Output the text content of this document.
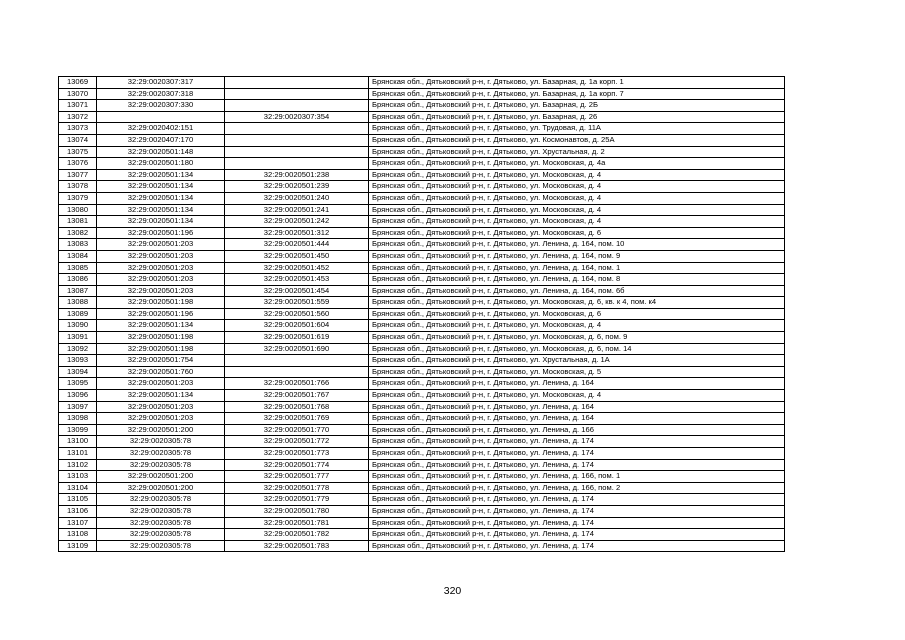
13069	32:29:0020307:317		Брянская обл., Дятьковский р-н, г. Дятьково, ул. Базарная, д. 1а корп. 1
13070	32:29:0020307:318		Брянская обл., Дятьковский р-н, г. Дятьково, ул. Базарная, д. 1а корп. 7
13071	32:29:0020307:330		Брянская обл., Дятьковский р-н, г. Дятьково, ул. Базарная, д. 2Б
13072		32:29:0020307:354	Брянская обл., Дятьковский р-н, г. Дятьково, ул. Базарная, д. 26
13073	32:29:0020402:151		Брянская обл., Дятьковский р-н, г. Дятьково, ул. Трудовая, д. 11А
13074	32:29:0020407:170		Брянская обл., Дятьковский р-н, г. Дятьково, ул. Космонавтов, д. 25А
13075	32:29:0020501:148		Брянская обл., Дятьковский р-н, г. Дятьково, ул. Хрустальная, д. 2
13076	32:29:0020501:180		Брянская обл., Дятьковский р-н, г. Дятьково, ул. Московская, д. 4а
13077	32:29:0020501:134	32:29:0020501:238	Брянская обл., Дятьковский р-н, г. Дятьково, ул. Московская, д. 4
13078	32:29:0020501:134	32:29:0020501:239	Брянская обл., Дятьковский р-н, г. Дятьково, ул. Московская, д. 4
13079	32:29:0020501:134	32:29:0020501:240	Брянская обл., Дятьковский р-н, г. Дятьково, ул. Московская, д. 4
13080	32:29:0020501:134	32:29:0020501:241	Брянская обл., Дятьковский р-н, г. Дятьково, ул. Московская, д. 4
13081	32:29:0020501:134	32:29:0020501:242	Брянская обл., Дятьковский р-н, г. Дятьково, ул. Московская, д. 4
13082	32:29:0020501:196	32:29:0020501:312	Брянская обл., Дятьковский р-н, г. Дятьково, ул. Московская, д. 6
13083	32:29:0020501:203	32:29:0020501:444	Брянская обл., Дятьковский р-н, г. Дятьково, ул. Ленина, д. 164, пом. 10
13084	32:29:0020501:203	32:29:0020501:450	Брянская обл., Дятьковский р-н, г. Дятьково, ул. Ленина, д. 164, пом. 9
13085	32:29:0020501:203	32:29:0020501:452	Брянская обл., Дятьковский р-н, г. Дятьково, ул. Ленина, д. 164, пом. 1
13086	32:29:0020501:203	32:29:0020501:453	Брянская обл., Дятьковский р-н, г. Дятьково, ул. Ленина, д. 164, пом. 8
13087	32:29:0020501:203	32:29:0020501:454	Брянская обл., Дятьковский р-н, г. Дятьково, ул. Ленина, д. 164, пом. 6б
13088	32:29:0020501:198	32:29:0020501:559	Брянская обл., Дятьковский р-н, г. Дятьково, ул. Московская, д. 6, кв. к 4, пом. к4
13089	32:29:0020501:196	32:29:0020501:560	Брянская обл., Дятьковский р-н, г. Дятьково, ул. Московская, д. 6
13090	32:29:0020501:134	32:29:0020501:604	Брянская обл., Дятьковский р-н, г. Дятьково, ул. Московская, д. 4
13091	32:29:0020501:198	32:29:0020501:619	Брянская обл., Дятьковский р-н, г. Дятьково, ул. Московская, д. 6, пом. 9
13092	32:29:0020501:198	32:29:0020501:690	Брянская обл., Дятьковский р-н, г. Дятьково, ул. Московская, д. 6, пом. 14
13093	32:29:0020501:754		Брянская обл., Дятьковский р-н, г. Дятьково, ул. Хрустальная, д. 1А
13094	32:29:0020501:760		Брянская обл., Дятьковский р-н, г. Дятьково, ул. Московская, д. 5
13095	32:29:0020501:203	32:29:0020501:766	Брянская обл., Дятьковский р-н, г. Дятьково, ул. Ленина, д. 164
13096	32:29:0020501:134	32:29:0020501:767	Брянская обл., Дятьковский р-н, г. Дятьково, ул. Московская, д. 4
13097	32:29:0020501:203	32:29:0020501:768	Брянская обл., Дятьковский р-н, г. Дятьково, ул. Ленина, д. 164
13098	32:29:0020501:203	32:29:0020501:769	Брянская обл., Дятьковский р-н, г. Дятьково, ул. Ленина, д. 164
13099	32:29:0020501:200	32:29:0020501:770	Брянская обл., Дятьковский р-н, г. Дятьково, ул. Ленина, д. 166
13100	32:29:0020305:78	32:29:0020501:772	Брянская обл., Дятьковский р-н, г. Дятьково, ул. Ленина, д. 174
13101	32:29:0020305:78	32:29:0020501:773	Брянская обл., Дятьковский р-н, г. Дятьково, ул. Ленина, д. 174
13102	32:29:0020305:78	32:29:0020501:774	Брянская обл., Дятьковский р-н, г. Дятьково, ул. Ленина, д. 174
13103	32:29:0020501:200	32:29:0020501:777	Брянская обл., Дятьковский р-н, г. Дятьково, ул. Ленина, д. 166, пом. 1
13104	32:29:0020501:200	32:29:0020501:778	Брянская обл., Дятьковский р-н, г. Дятьково, ул. Ленина, д. 166, пом. 2
13105	32:29:0020305:78	32:29:0020501:779	Брянская обл., Дятьковский р-н, г. Дятьково, ул. Ленина, д. 174
13106	32:29:0020305:78	32:29:0020501:780	Брянская обл., Дятьковский р-н, г. Дятьково, ул. Ленина, д. 174
13107	32:29:0020305:78	32:29:0020501:781	Брянская обл., Дятьковский р-н, г. Дятьково, ул. Ленина, д. 174
13108	32:29:0020305:78	32:29:0020501:782	Брянская обл., Дятьковский р-н, г. Дятьково, ул. Ленина, д. 174
13109	32:29:0020305:78	32:29:0020501:783	Брянская обл., Дятьковский р-н, г. Дятьково, ул. Ленина, д. 174
320
